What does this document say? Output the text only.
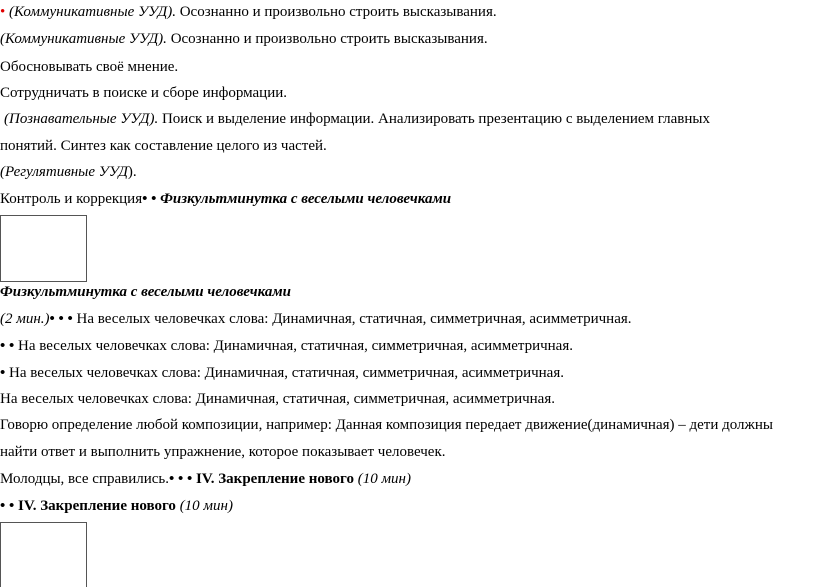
• (Коммуникативные УУД). Осознанно и произвольно строить высказывания.
(Коммуникативные УУД). Осознанно и произвольно строить высказывания.
Обосновывать своё мнение.
Сотрудничать в поиске и сборе информации.
(Познавательные УУД). Поиск и выделение информации. Анализировать презентацию с выделением главных
понятий. Синтез как составление целого из частей.
(Регулятивные УУД).
Контроль и коррекция• • Физкультминутка с веселыми человечками
Физкультминутка с веселыми человечками
(2 мин.)• • • На веселых человечках слова: Динамичная, статичная, симметричная, асимметричная.
• • На веселых человечках слова: Динамичная, статичная, симметричная, асимметричная.
• На веселых человечках слова: Динамичная, статичная, симметричная, асимметричная.
На веселых человечках слова: Динамичная, статичная, симметричная, асимметричная.
Говорю определение любой композиции, например: Данная композиция передает движение(динамичная) – дети должны
найти ответ и выполнить упражнение, которое показывает человечек.
Молодцы, все справились.• • • IV. Закрепление нового (10 мин)
• • IV. Закрепление нового (10 мин)
